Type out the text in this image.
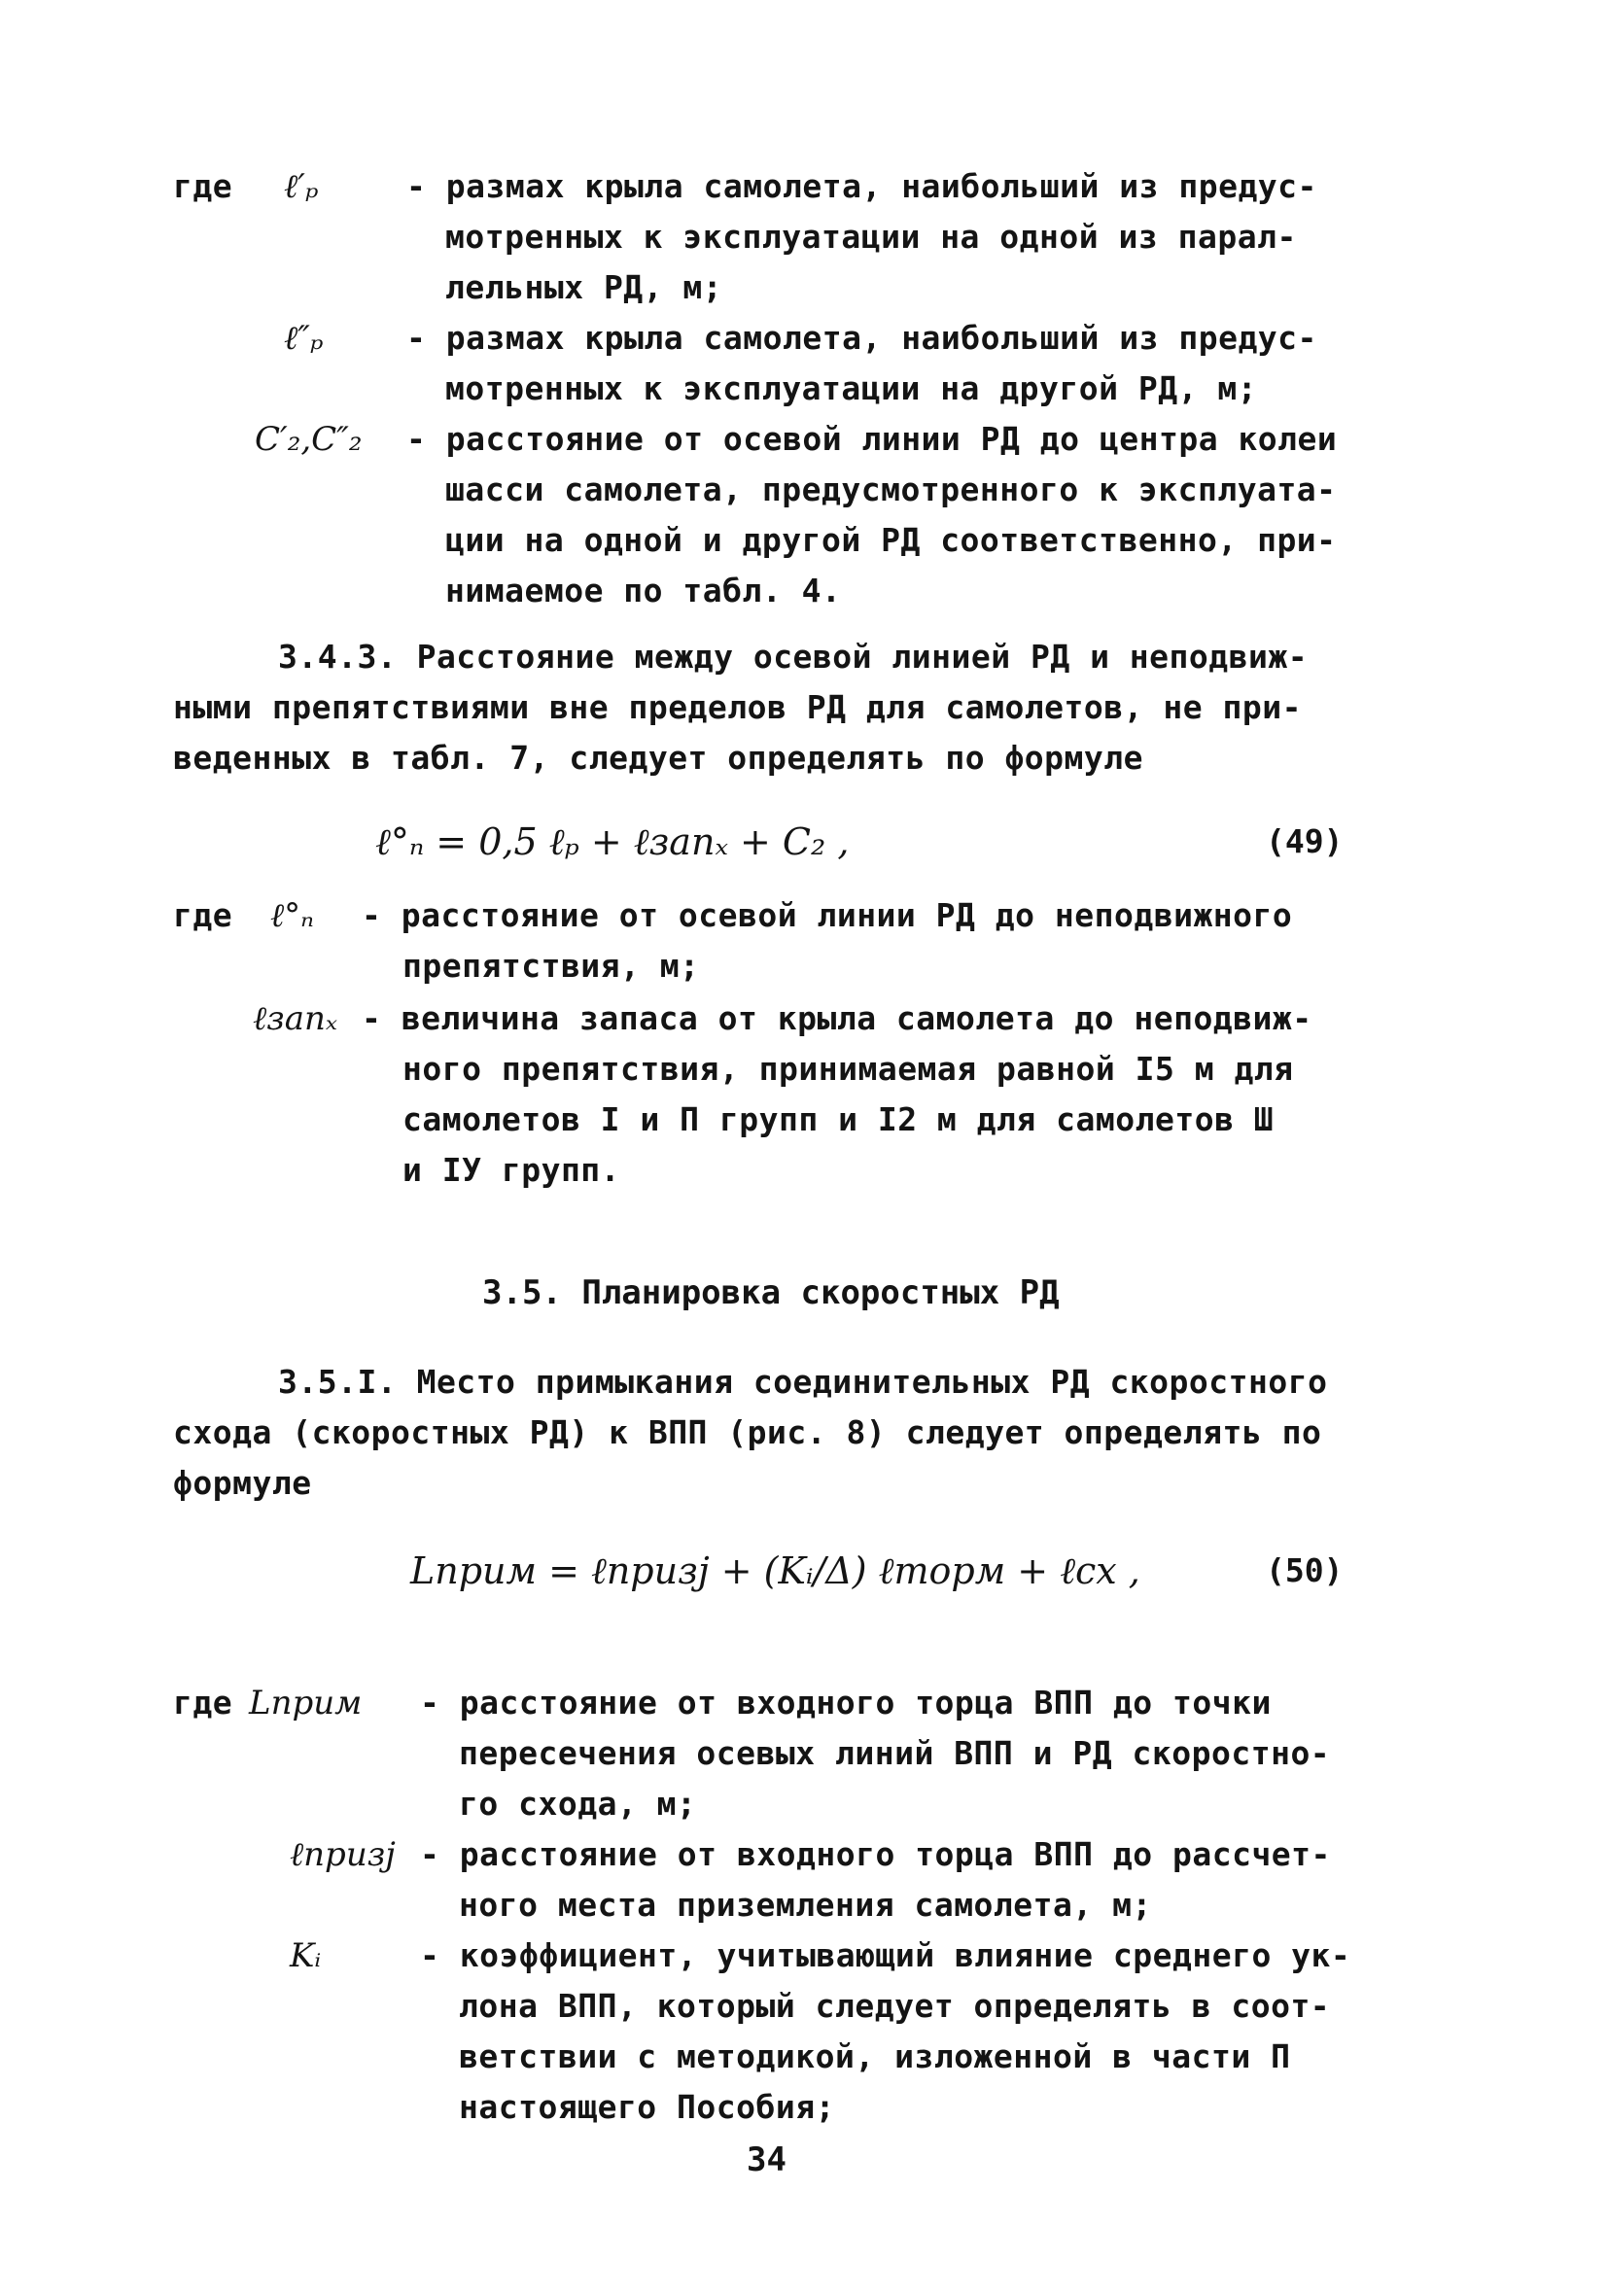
где ℓ′ₚ	- размах крыла самолета, наибольший из предус-
мотренных к эксплуатации на одной из парал-
лельных РД, м;
ℓ″ₚ	- размах крыла самолета, наибольший из предус-
мотренных к эксплуатации на другой РД, м;
C′₂,C″₂ - расстояние от осевой линии РД до центра колеи
шасси самолета, предусмотренного к эксплуата-
ции на одной и другой РД соответственно, при-
нимаемое по табл. 4.
3.4.3. Расстояние между осевой линией РД и неподвиж-
ными препятствиями вне пределов РД для самолетов, не при-
веденных в табл. 7, следует определять по формуле
ℓ°ₙ = 0,5 ℓₚ + ℓзапₓ + C₂ ,	(49)
где ℓ°ₙ - расстояние от осевой линии РД до неподвижного
препятствия, м;
ℓзапₓ - величина запаса от крыла самолета до неподвиж-
ного препятствия, принимаемая равной I5 м для
самолетов I и П групп и I2 м для самолетов Ш
и IУ групп.
3.5. Планировка скоростных РД
3.5.I. Место примыкания соединительных РД скоростного
схода (скоростных РД) к ВПП (рис. 8) следует определять по
формуле
Lприм = ℓпризj + (Kᵢ/Δ) ℓторм + ℓсх ,	(50)
где Lприм - расстояние от входного торца ВПП до точки
пересечения осевых линий ВПП и РД скоростно-
го схода, м;
ℓпризj - расстояние от входного торца ВПП до рассчет-
ного места приземления самолета, м;
Kᵢ	- коэффициент, учитывающий влияние среднего ук-
лона ВПП, который следует определять в соот-
ветствии с методикой, изложенной в части П
настоящего Пособия;
34
